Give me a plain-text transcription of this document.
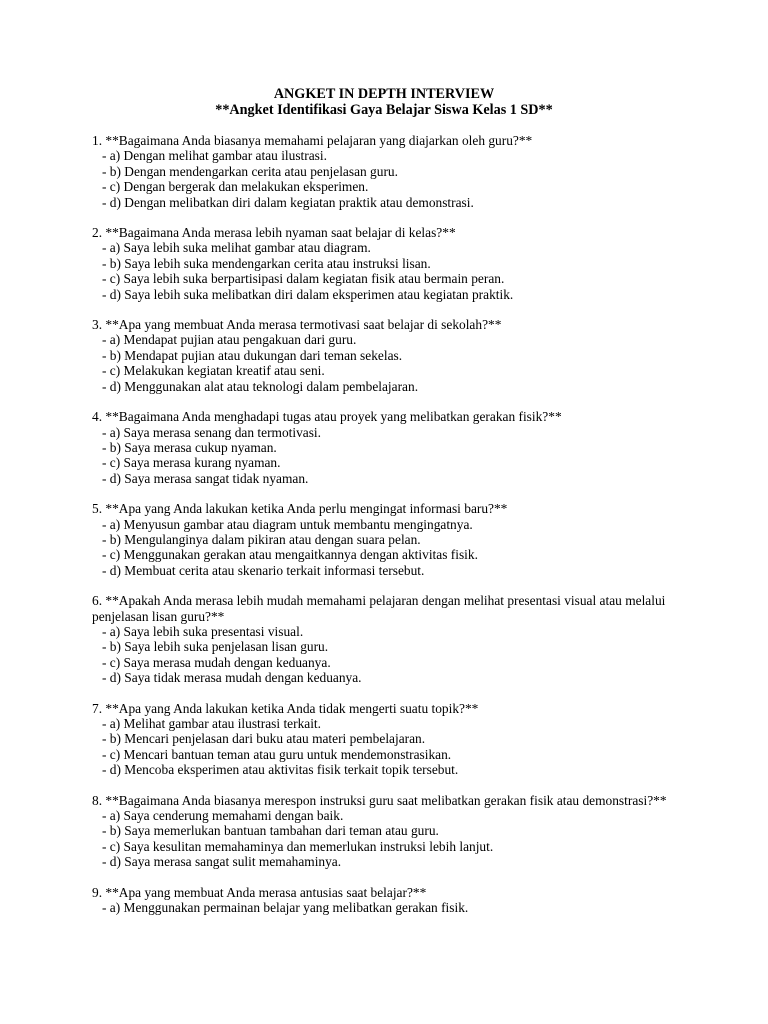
ANGKET IN DEPTH INTERVIEW
**Angket Identifikasi Gaya Belajar Siswa Kelas 1 SD**
1. **Bagaimana Anda biasanya memahami pelajaran yang diajarkan oleh guru?**
- a) Dengan melihat gambar atau ilustrasi.
- b) Dengan mendengarkan cerita atau penjelasan guru.
- c) Dengan bergerak dan melakukan eksperimen.
- d) Dengan melibatkan diri dalam kegiatan praktik atau demonstrasi.
2. **Bagaimana Anda merasa lebih nyaman saat belajar di kelas?**
- a) Saya lebih suka melihat gambar atau diagram.
- b) Saya lebih suka mendengarkan cerita atau instruksi lisan.
- c) Saya lebih suka berpartisipasi dalam kegiatan fisik atau bermain peran.
- d) Saya lebih suka melibatkan diri dalam eksperimen atau kegiatan praktik.
3. **Apa yang membuat Anda merasa termotivasi saat belajar di sekolah?**
- a) Mendapat pujian atau pengakuan dari guru.
- b) Mendapat pujian atau dukungan dari teman sekelas.
- c) Melakukan kegiatan kreatif atau seni.
- d) Menggunakan alat atau teknologi dalam pembelajaran.
4. **Bagaimana Anda menghadapi tugas atau proyek yang melibatkan gerakan fisik?**
- a) Saya merasa senang dan termotivasi.
- b) Saya merasa cukup nyaman.
- c) Saya merasa kurang nyaman.
- d) Saya merasa sangat tidak nyaman.
5. **Apa yang Anda lakukan ketika Anda perlu mengingat informasi baru?**
- a) Menyusun gambar atau diagram untuk membantu mengingatnya.
- b) Mengulanginya dalam pikiran atau dengan suara pelan.
- c) Menggunakan gerakan atau mengaitkannya dengan aktivitas fisik.
- d) Membuat cerita atau skenario terkait informasi tersebut.
6. **Apakah Anda merasa lebih mudah memahami pelajaran dengan melihat presentasi visual atau melalui penjelasan lisan guru?**
- a) Saya lebih suka presentasi visual.
- b) Saya lebih suka penjelasan lisan guru.
- c) Saya merasa mudah dengan keduanya.
- d) Saya tidak merasa mudah dengan keduanya.
7. **Apa yang Anda lakukan ketika Anda tidak mengerti suatu topik?**
- a) Melihat gambar atau ilustrasi terkait.
- b) Mencari penjelasan dari buku atau materi pembelajaran.
- c) Mencari bantuan teman atau guru untuk mendemonstrasikan.
- d) Mencoba eksperimen atau aktivitas fisik terkait topik tersebut.
8. **Bagaimana Anda biasanya merespon instruksi guru saat melibatkan gerakan fisik atau demonstrasi?**
- a) Saya cenderung memahami dengan baik.
- b) Saya memerlukan bantuan tambahan dari teman atau guru.
- c) Saya kesulitan memahaminya dan memerlukan instruksi lebih lanjut.
- d) Saya merasa sangat sulit memahaminya.
9. **Apa yang membuat Anda merasa antusias saat belajar?**
- a) Menggunakan permainan belajar yang melibatkan gerakan fisik.
